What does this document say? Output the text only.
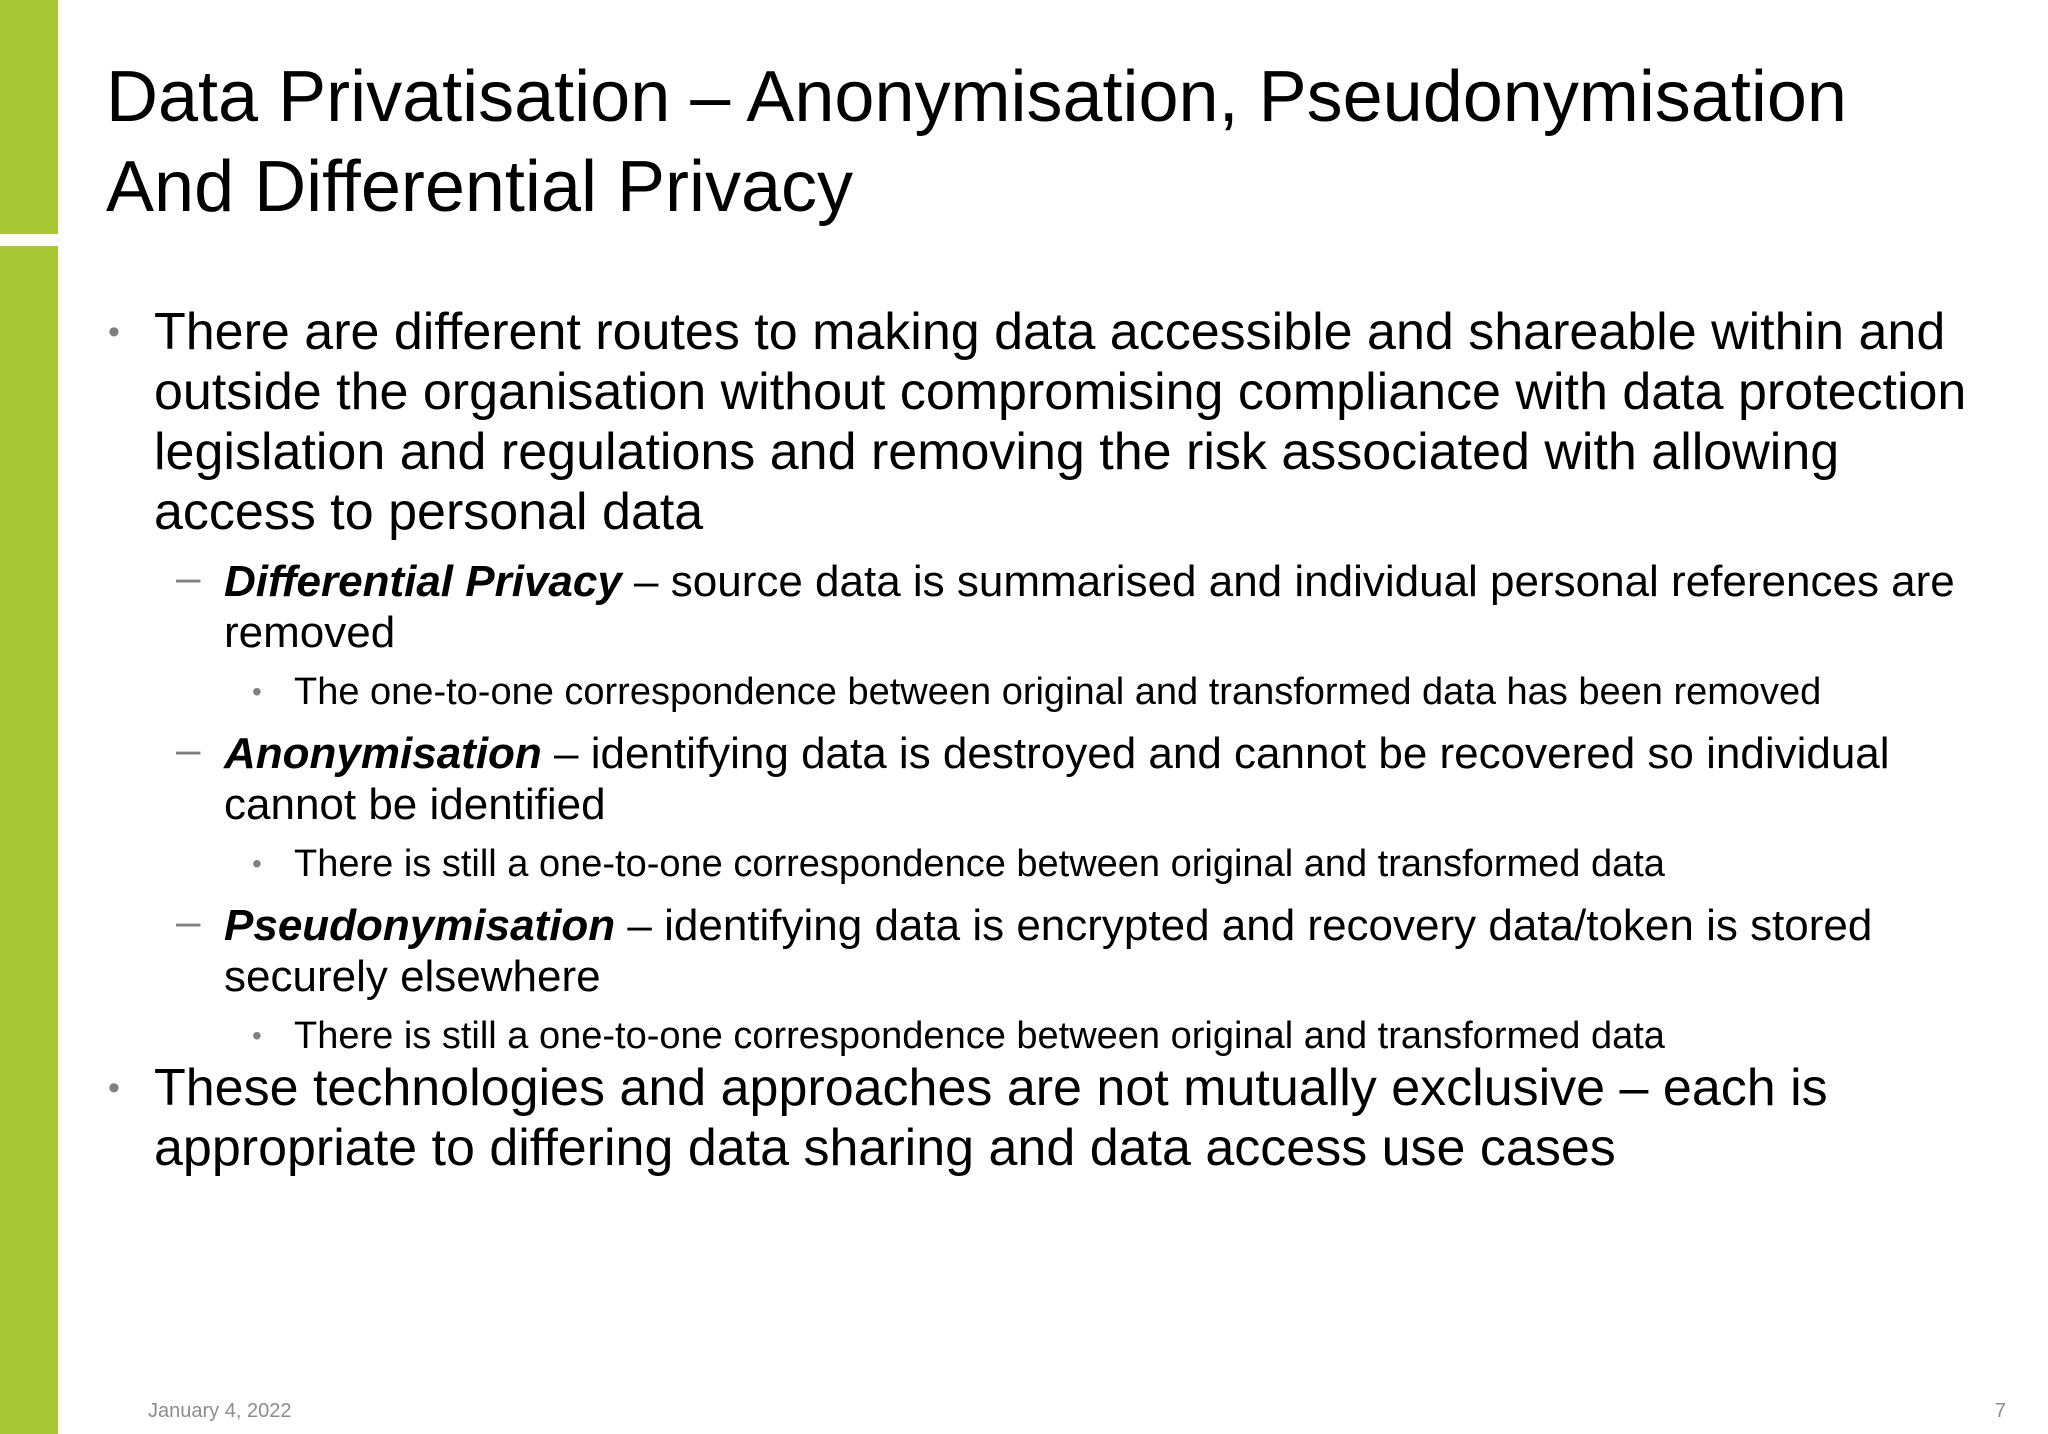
Data Privatisation – Anonymisation, Pseudonymisation And Differential Privacy
• There are different routes to making data accessible and shareable within and outside the organisation without compromising compliance with data protection legislation and regulations and removing the risk associated with allowing access to personal data
– Differential Privacy – source data is summarised and individual personal references are removed
• The one-to-one correspondence between original and transformed data has been removed
– Anonymisation – identifying data is destroyed and cannot be recovered so individual cannot be identified
• There is still a one-to-one correspondence between original and transformed data
– Pseudonymisation – identifying data is encrypted and recovery data/token is stored securely elsewhere
• There is still a one-to-one correspondence between original and transformed data
• These technologies and approaches are not mutually exclusive – each is appropriate to differing data sharing and data access use cases
January 4, 2022	7
